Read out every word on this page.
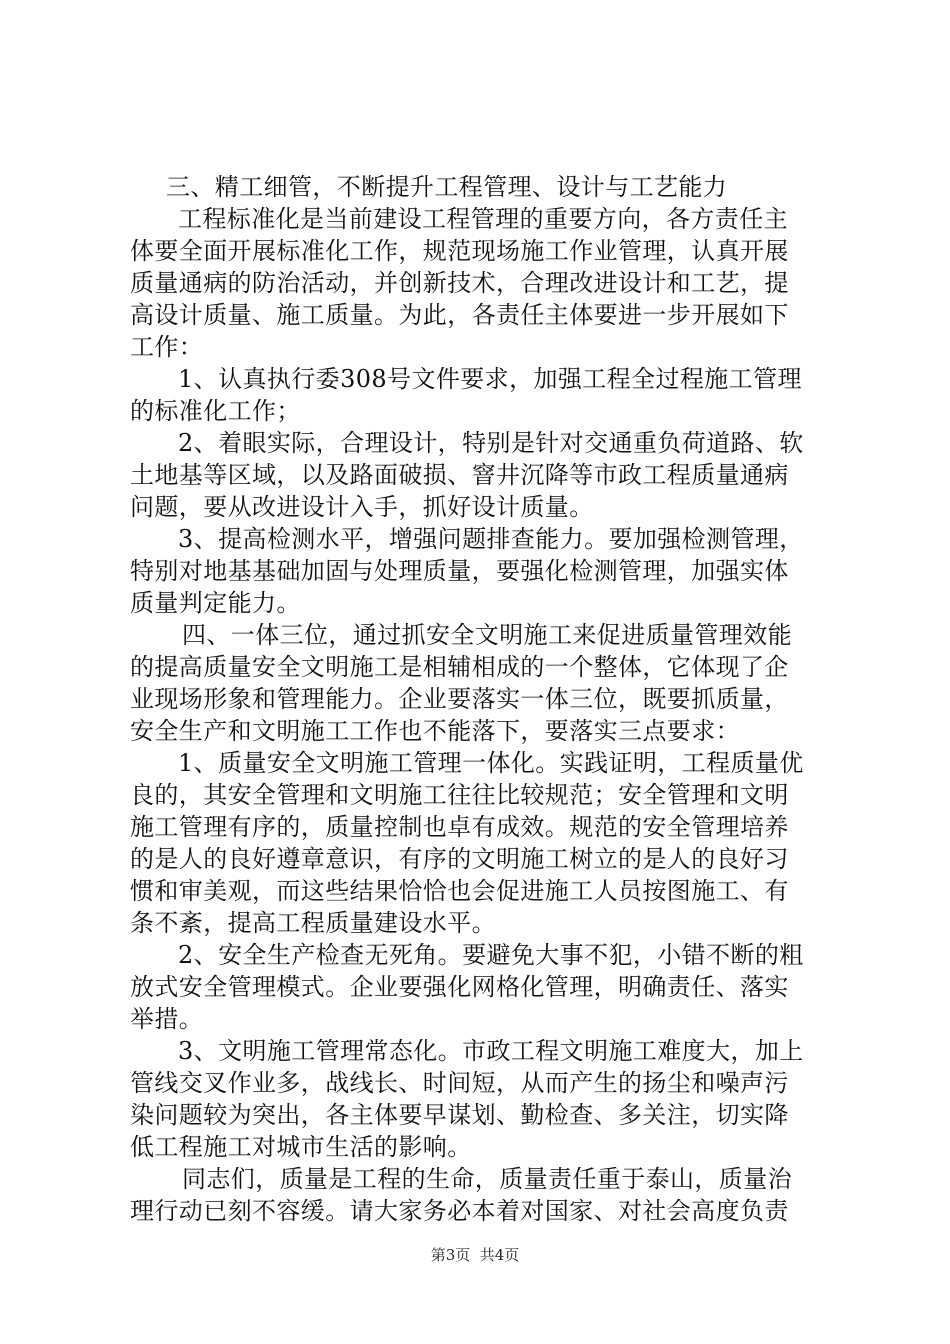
三、精工细管，不断提升工程管理、设计与工艺能力
工程标准化是当前建设工程管理的重要方向，各方责任主
体要全面开展标准化工作，规范现场施工作业管理，认真开展
质量通病的防治活动，并创新技术，合理改进设计和工艺，提
高设计质量、施工质量。为此，各责任主体要进一步开展如下
工作：
1、认真执行委308号文件要求，加强工程全过程施工管理
的标准化工作；
2、着眼实际，合理设计，特别是针对交通重负荷道路、软
土地基等区域，以及路面破损、窨井沉降等市政工程质量通病
问题，要从改进设计入手，抓好设计质量。
3、提高检测水平，增强问题排查能力。要加强检测管理，
特别对地基基础加固与处理质量，要强化检测管理，加强实体
质量判定能力。
四、一体三位，通过抓安全文明施工来促进质量管理效能
的提高质量安全文明施工是相辅相成的一个整体，它体现了企
业现场形象和管理能力。企业要落实一体三位，既要抓质量，
安全生产和文明施工工作也不能落下，要落实三点要求：
1、质量安全文明施工管理一体化。实践证明，工程质量优
良的，其安全管理和文明施工往往比较规范；安全管理和文明
施工管理有序的，质量控制也卓有成效。规范的安全管理培养
的是人的良好遵章意识，有序的文明施工树立的是人的良好习
惯和审美观，而这些结果恰恰也会促进施工人员按图施工、有
条不紊，提高工程质量建设水平。
2、安全生产检查无死角。要避免大事不犯，小错不断的粗
放式安全管理模式。企业要强化网格化管理，明确责任、落实
举措。
3、文明施工管理常态化。市政工程文明施工难度大，加上
管线交叉作业多，战线长、时间短，从而产生的扬尘和噪声污
染问题较为突出，各主体要早谋划、勤检查、多关注，切实降
低工程施工对城市生活的影响。
同志们，质量是工程的生命，质量责任重于泰山，质量治
理行动已刻不容缓。请大家务必本着对国家、对社会高度负责
第3页  共4页
